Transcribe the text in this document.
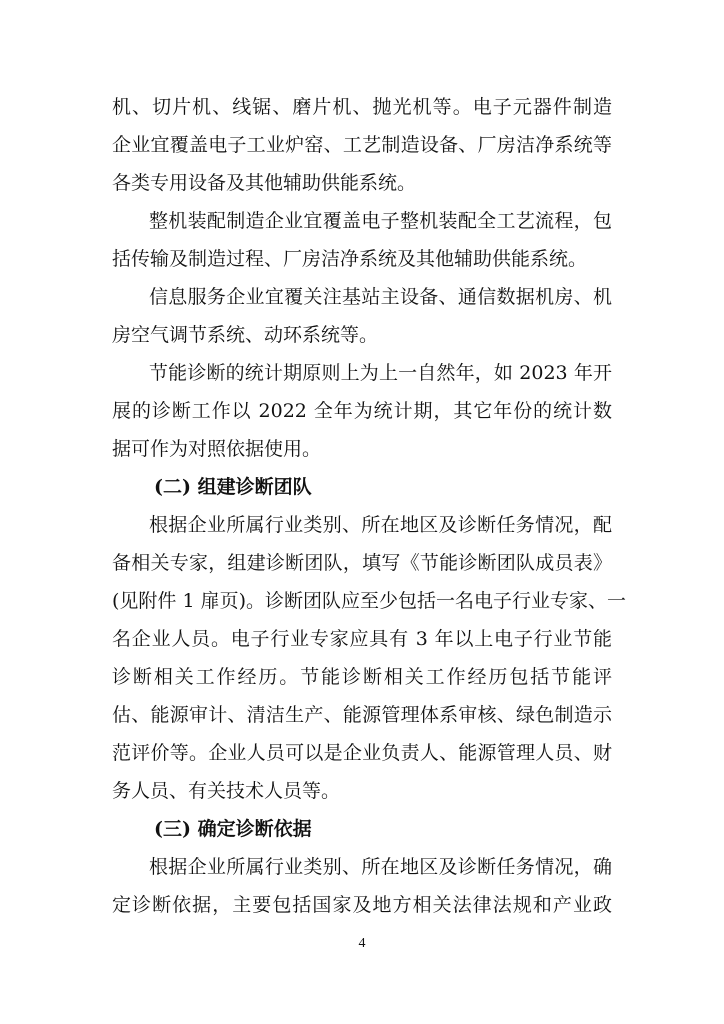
机、切片机、线锯、磨片机、抛光机等。电子元器件制造
企业宜覆盖电子工业炉窑、工艺制造设备、厂房洁净系统等
各类专用设备及其他辅助供能系统。
整机装配制造企业宜覆盖电子整机装配全工艺流程，包
括传输及制造过程、厂房洁净系统及其他辅助供能系统。
信息服务企业宜覆关注基站主设备、通信数据机房、机
房空气调节系统、动环系统等。
节能诊断的统计期原则上为上一自然年，如 2023 年开
展的诊断工作以 2022 全年为统计期，其它年份的统计数
据可作为对照依据使用。
(二) 组建诊断团队
根据企业所属行业类别、所在地区及诊断任务情况，配
备相关专家，组建诊断团队，填写《节能诊断团队成员表》
(见附件 1 扉页)。诊断团队应至少包括一名电子行业专家、一
名企业人员。电子行业专家应具有 3 年以上电子行业节能
诊断相关工作经历。节能诊断相关工作经历包括节能评
估、能源审计、清洁生产、能源管理体系审核、绿色制造示
范评价等。企业人员可以是企业负责人、能源管理人员、财
务人员、有关技术人员等。
(三) 确定诊断依据
根据企业所属行业类别、所在地区及诊断任务情况，确
定诊断依据，主要包括国家及地方相关法律法规和产业政
4
